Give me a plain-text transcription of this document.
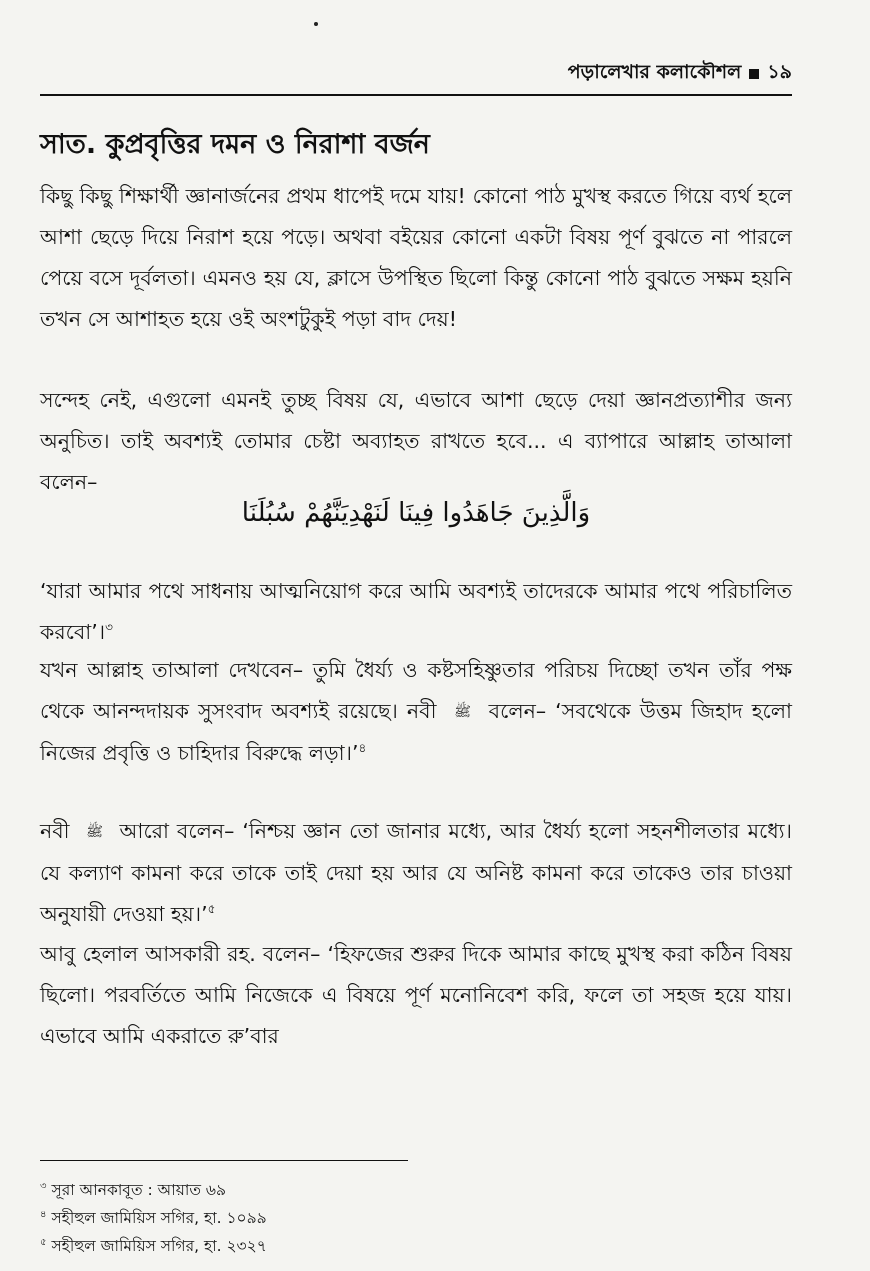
পড়ালেখার কলাকৌশল ১৯
সাত. কুপ্রবৃত্তির দমন ও নিরাশা বর্জন

কিছু কিছু শিক্ষার্থী জ্ঞানার্জনের প্রথম ধাপেই দমে যায়! কোনো পাঠ মুখস্থ করতে গিয়ে ব্যর্থ হলে আশা ছেড়ে দিয়ে নিরাশ হয়ে পড়ে। অথবা বইয়ের কোনো একটা বিষয় পূর্ণ বুঝতে না পারলে পেয়ে বসে দূর্বলতা। এমনও হয় যে, ক্লাসে উপস্থিত ছিলো কিন্তু কোনো পাঠ বুঝতে সক্ষম হয়নি তখন সে আশাহত হয়ে ওই অংশটুকুই পড়া বাদ দেয়!

সন্দেহ নেই, এগুলো এমনই তুচ্ছ বিষয় যে, এভাবে আশা ছেড়ে দেয়া জ্ঞানপ্রত্যাশীর জন্য অনুচিত। তাই অবশ্যই তোমার চেষ্টা অব্যাহত রাখতে হবে... এ ব্যাপারে আল্লাহ তাআলা বলেন–

وَالَّذِينَ جَاهَدُوا فِينَا لَنَهْدِيَنَّهُمْ سُبُلَنَا

‘যারা আমার পথে সাধনায় আত্মনিয়োগ করে আমি অবশ্যই তাদেরকে আমার পথে পরিচালিত করবো’।$^৩$

যখন আল্লাহ তাআলা দেখবেন– তুমি ধৈর্য্য ও কষ্টসহিষ্ণুতার পরিচয় দিচ্ছো তখন তাঁর পক্ষ থেকে আনন্দদায়ক সুসংবাদ অবশ্যই রয়েছে। নবী ﷺ বলেন– ‘সবথেকে উত্তম জিহাদ হলো নিজের প্রবৃত্তি ও চাহিদার বিরুদ্ধে লড়া।’$^৪$

নবী ﷺ আরো বলেন– ‘নিশ্চয় জ্ঞান তো জানার মধ্যে, আর ধৈর্য্য হলো সহনশীলতার মধ্যে। যে কল্যাণ কামনা করে তাকে তাই দেয়া হয় আর যে অনিষ্ট কামনা করে তাকেও তার চাওয়া অনুযায়ী দেওয়া হয়।’$^৫$

আবু হেলাল আসকারী রহ. বলেন– ‘হিফজের শুরুর দিকে আমার কাছে মুখস্থ করা কঠিন বিষয় ছিলো। পরবর্তিতে আমি নিজেকে এ বিষয়ে পূর্ণ মনোনিবেশ করি, ফলে তা সহজ হয়ে যায়। এভাবে আমি একরাতে রু’বার

$^৩$ সূরা আনকাবূত : আয়াত ৬৯
$^৪$ সহীহুল জামিয়িস সগির, হা. ১০৯৯
$^৫$ সহীহুল জামিয়িস সগির, হা. ২৩২৭
